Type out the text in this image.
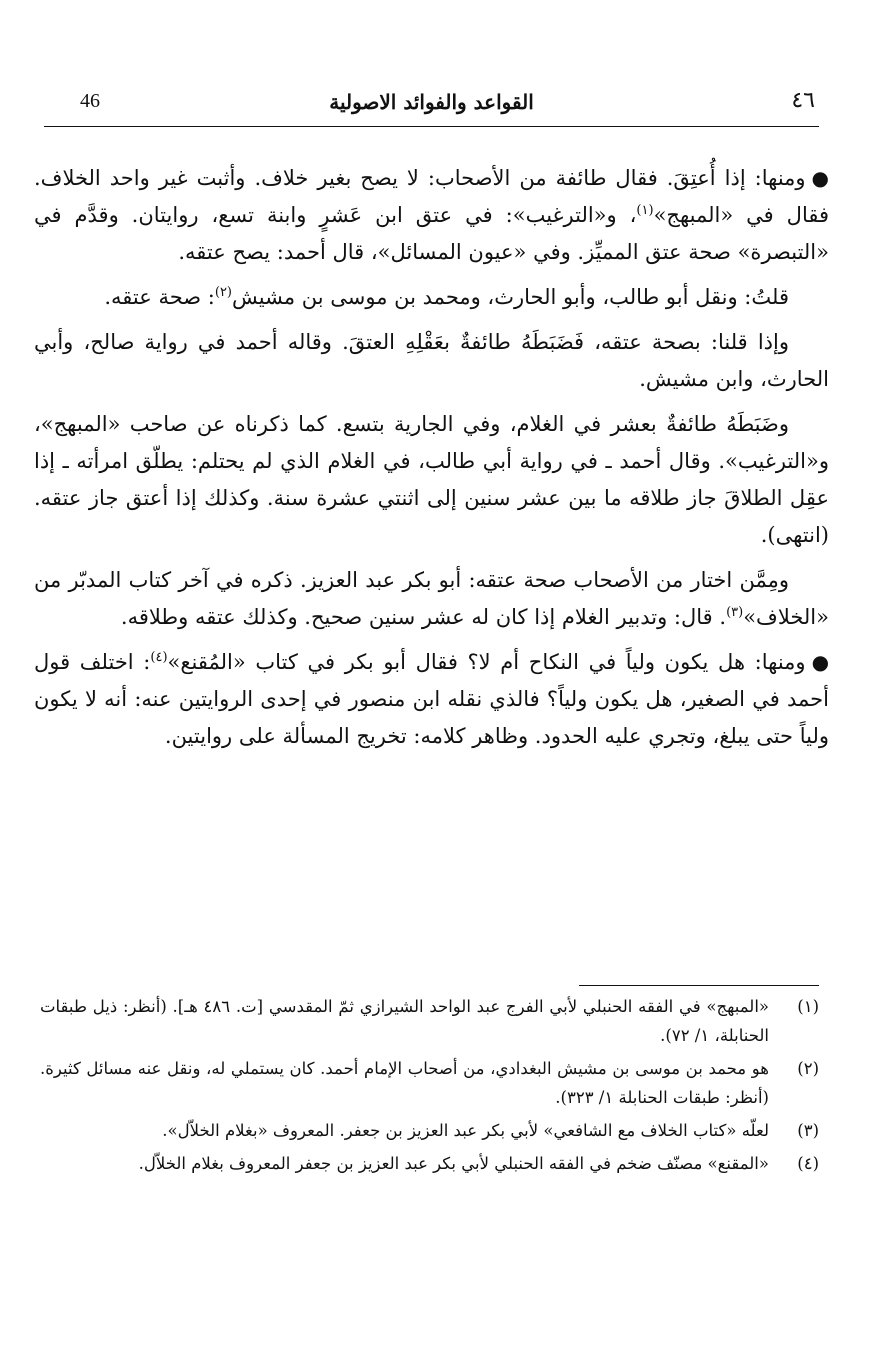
46	القواعد والفوائد الاصولية	٤٦

●ومنها: إذا أُعتِقَ. فقال طائفة من الأصحاب: لا يصح بغير خلاف. وأثبت غير واحد الخلاف. فقال في «المبهج»$^{(١)}$، و«الترغيب»: في عتق ابن عَشرٍ وابنة تسع، روايتان. وقدَّم في «التبصرة» صحة عتق المميِّز. وفي «عيون المسائل»، قال أحمد: يصح عتقه.

قلتُ: ونقل أبو طالب، وأبو الحارث، ومحمد بن موسى بن مشيش$^{(٢)}$: صحة عتقه.

وإذا قلنا: بصحة عتقه، فَضَبَطَهُ طائفةٌ بعَقْلِهِ العتقَ. وقاله أحمد في رواية صالح، وأبي الحارث، وابن مشيش.

وضَبَطَهُ طائفةٌ بعشر في الغلام، وفي الجارية بتسع. كما ذكرناه عن صاحب «المبهج»، و«الترغيب». وقال أحمد ـ في رواية أبي طالب، في الغلام الذي لم يحتلم: يطلّق امرأته ـ إذا عقِل الطلاقَ جاز طلاقه ما بين عشر سنين إلى اثنتي عشرة سنة. وكذلك إذا أعتق جاز عتقه. (انتهى).

ومِمَّن اختار من الأصحاب صحة عتقه: أبو بكر عبد العزيز. ذكره في آخر كتاب المدبّر من «الخلاف»$^{(٣)}$. قال: وتدبير الغلام إذا كان له عشر سنين صحيح. وكذلك عتقه وطلاقه.

●ومنها: هل يكون ولياً في النكاح أم لا؟ فقال أبو بكر في كتاب «المُقنع»$^{(٤)}$: اختلف قول أحمد في الصغير، هل يكون ولياً؟ فالذي نقله ابن منصور في إحدى الروايتين عنه: أنه لا يكون ولياً حتى يبلغ، وتجري عليه الحدود. وظاهر كلامه: تخريج المسألة على روايتين.

(١)
«المبهج» في الفقه الحنبلي لأبي الفرج عبد الواحد الشيرازي ثمّ المقدسي [ت. ٤٨٦ هـ]. (أنظر: ذيل طبقات الحنابلة، ١/ ٧٢).
(٢)
هو محمد بن موسى بن مشيش البغدادي، من أصحاب الإمام أحمد. كان يستملي له، ونقل عنه مسائل كثيرة. (أنظر: طبقات الحنابلة ١/ ٣٢٣).
(٣)
لعلّه «كتاب الخلاف مع الشافعي» لأبي بكر عبد العزيز بن جعفر. المعروف «بغلام الخلاّل».
(٤)
«المقنع» مصنّف ضخم في الفقه الحنبلي لأبي بكر عبد العزيز بن جعفر المعروف بغلام الخلاّل.
